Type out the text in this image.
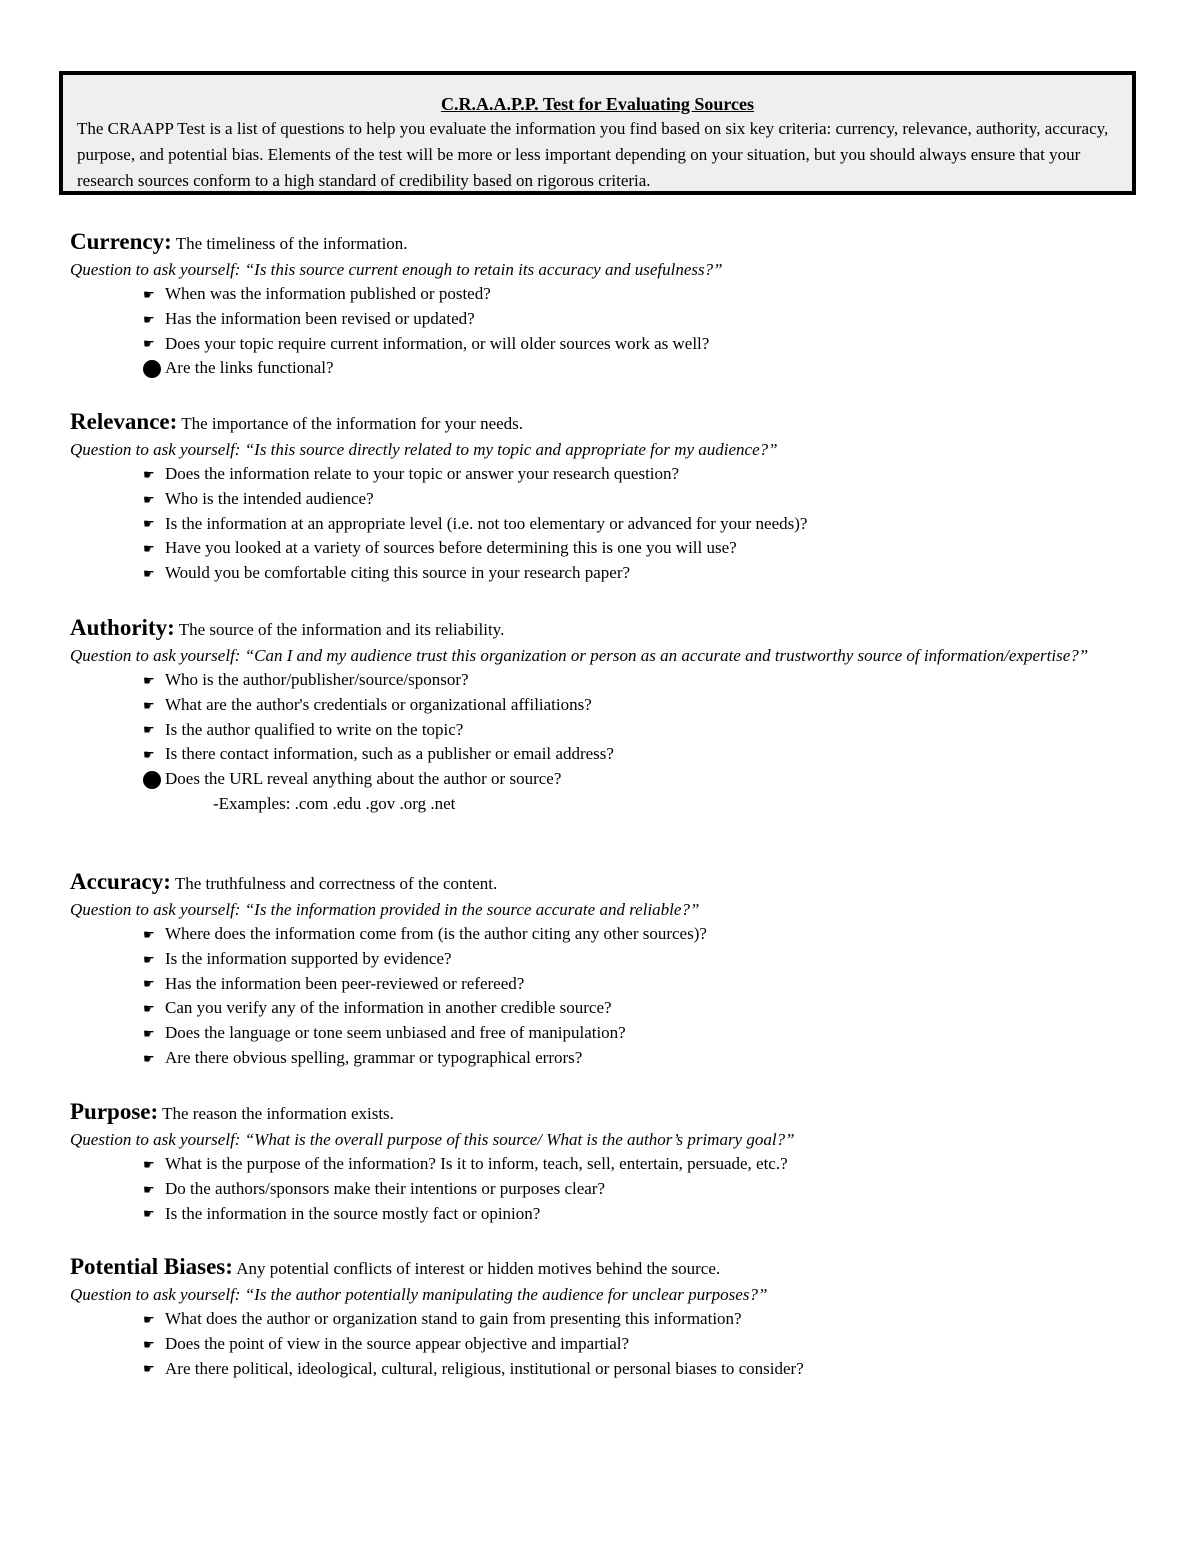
C.R.A.A.P.P. Test for Evaluating Sources
The CRAAPP Test is a list of questions to help you evaluate the information you find based on six key criteria: currency, relevance, authority, accuracy, purpose, and potential bias. Elements of the test will be more or less important depending on your situation, but you should always ensure that your research sources conform to a high standard of credibility based on rigorous criteria.
Currency: The timeliness of the information.
Question to ask yourself: “Is this source current enough to retain its accuracy and usefulness?”
☛ When was the information published or posted?
☛ Has the information been revised or updated?
☛ Does your topic require current information, or will older sources work as well?
Are the links functional?
Relevance: The importance of the information for your needs.
Question to ask yourself: “Is this source directly related to my topic and appropriate for my audience?”
☛ Does the information relate to your topic or answer your research question?
☛ Who is the intended audience?
☛ Is the information at an appropriate level (i.e. not too elementary or advanced for your needs)?
☛ Have you looked at a variety of sources before determining this is one you will use?
☛ Would you be comfortable citing this source in your research paper?
Authority: The source of the information and its reliability.
Question to ask yourself: “Can I and my audience trust this organization or person as an accurate and trustworthy source of information/expertise?”
☛ Who is the author/publisher/source/sponsor?
☛ What are the author's credentials or organizational affiliations?
☛ Is the author qualified to write on the topic?
☛ Is there contact information, such as a publisher or email address?
Does the URL reveal anything about the author or source?
-Examples: .com .edu .gov .org .net
Accuracy: The truthfulness and correctness of the content.
Question to ask yourself: “Is the information provided in the source accurate and reliable?”
☛ Where does the information come from (is the author citing any other sources)?
☛ Is the information supported by evidence?
☛ Has the information been peer-reviewed or refereed?
☛ Can you verify any of the information in another credible source?
☛ Does the language or tone seem unbiased and free of manipulation?
☛ Are there obvious spelling, grammar or typographical errors?
Purpose: The reason the information exists.
Question to ask yourself: “What is the overall purpose of this source/ What is the author’s primary goal?”
☛ What is the purpose of the information? Is it to inform, teach, sell, entertain, persuade, etc.?
☛ Do the authors/sponsors make their intentions or purposes clear?
☛ Is the information in the source mostly fact or opinion?
Potential Biases: Any potential conflicts of interest or hidden motives behind the source.
Question to ask yourself: “Is the author potentially manipulating the audience for unclear purposes?”
☛ What does the author or organization stand to gain from presenting this information?
☛ Does the point of view in the source appear objective and impartial?
☛ Are there political, ideological, cultural, religious, institutional or personal biases to consider?
